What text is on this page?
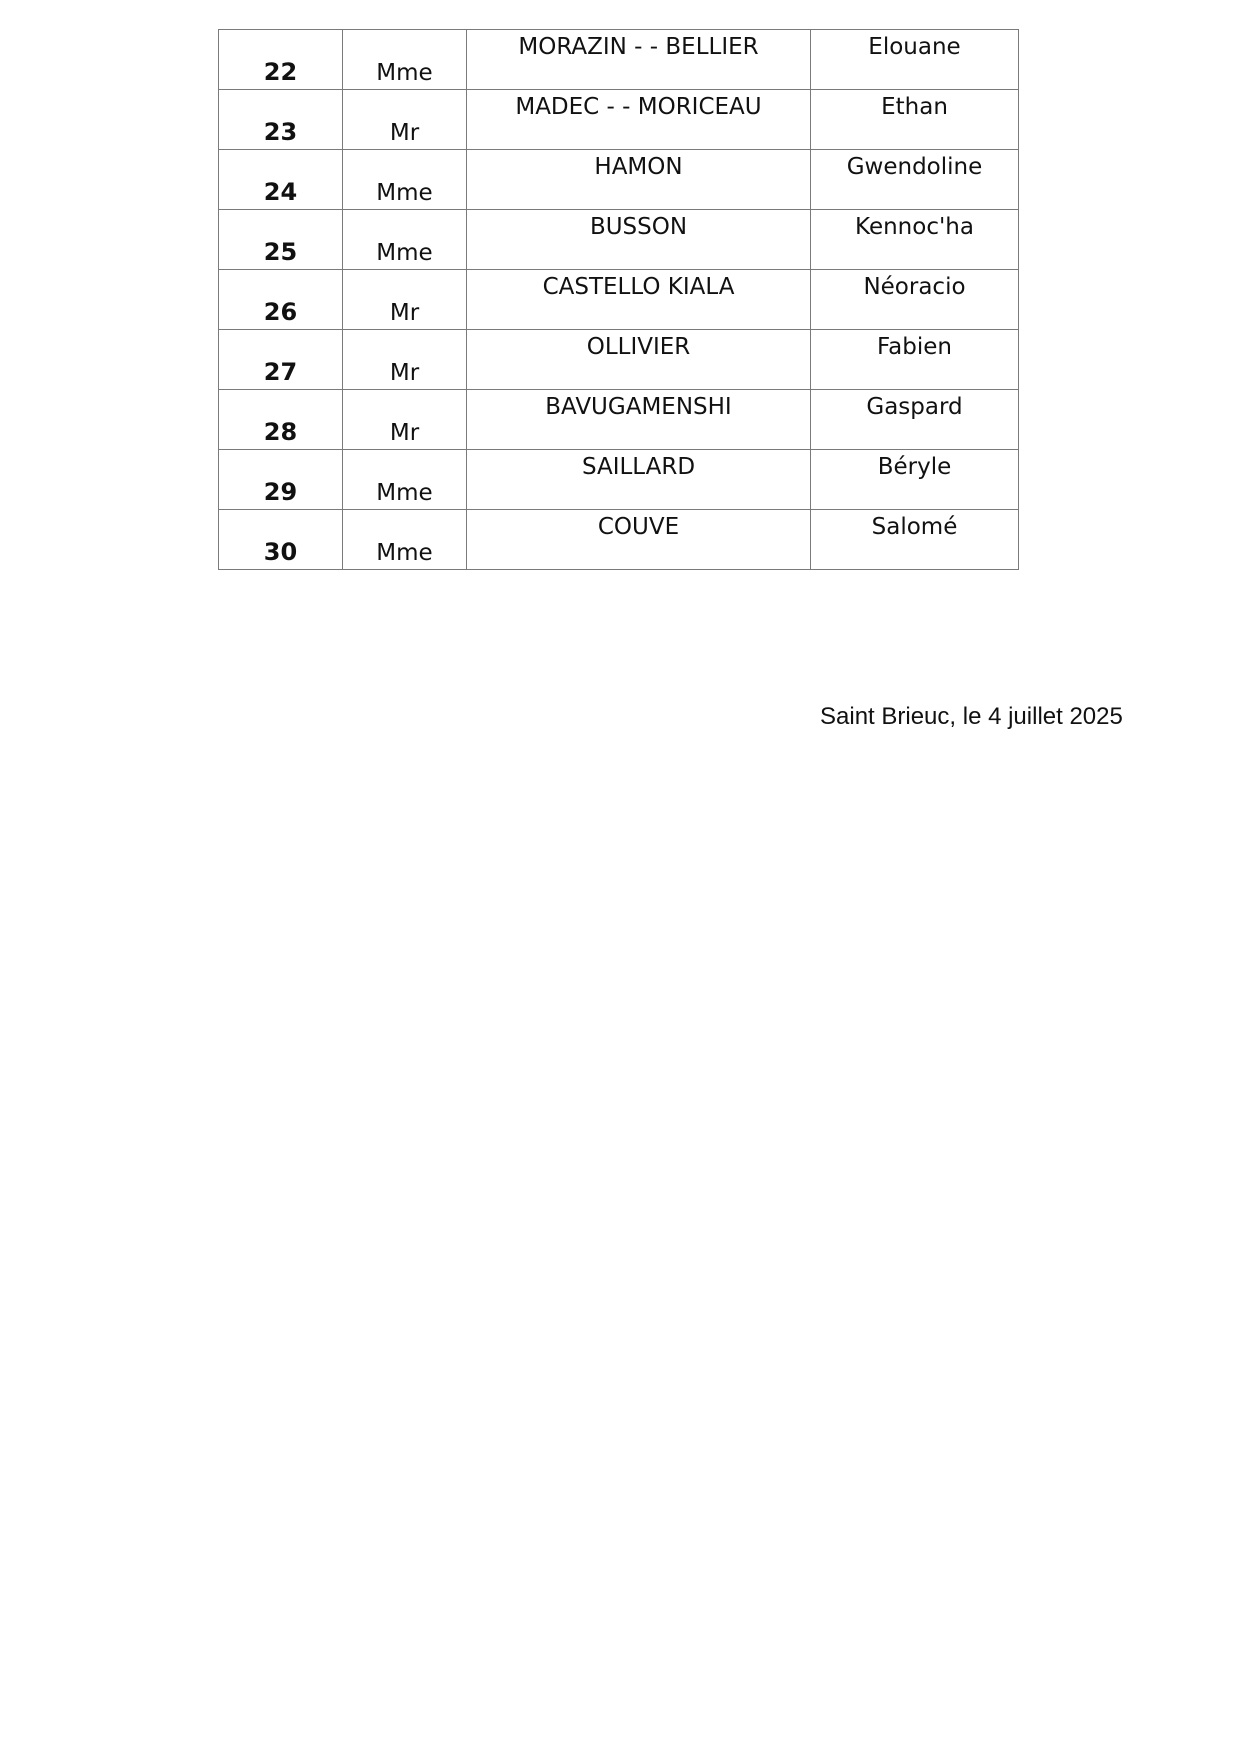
22	Mme	MORAZIN - - BELLIER	Elouane

23	Mr	MADEC - - MORICEAU	Ethan

24	Mme	HAMON	Gwendoline

25	Mme	BUSSON	Kennoc'ha

26	Mr	CASTELLO KIALA	Néoracio

27	Mr	OLLIVIER	Fabien

28	Mr	BAVUGAMENSHI	Gaspard

29	Mme	SAILLARD	Béryle

30	Mme	COUVE	Salomé
Saint Brieuc, le 4 juillet 2025
